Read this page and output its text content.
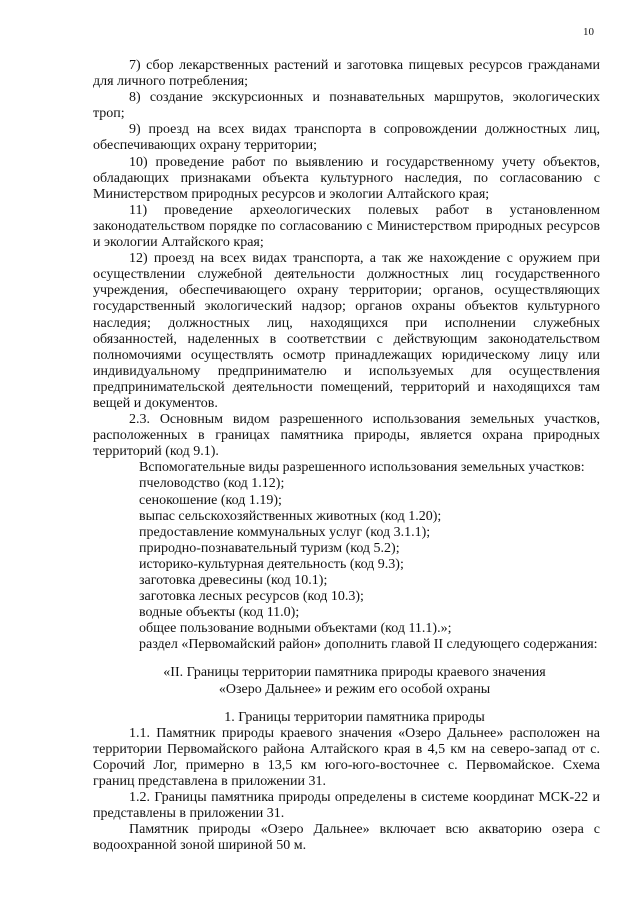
10

7) сбор лекарственных растений и заготовка пищевых ресурсов гражданами для личного потребления;

8) создание экскурсионных и познавательных маршрутов, экологических троп;

9) проезд на всех видах транспорта в сопровождении должностных лиц, обеспечивающих охрану территории;

10) проведение работ по выявлению и государственному учету объектов, обладающих признаками объекта культурного наследия, по согласованию с Министерством природных ресурсов и экологии Алтайского края;

11) проведение археологических полевых работ в установленном законодательством порядке по согласованию с Министерством природных ресурсов и экологии Алтайского края;

12) проезд на всех видах транспорта, а так же нахождение с оружием при осуществлении служебной деятельности должностных лиц государственного учреждения, обеспечивающего охрану территории; органов, осуществляющих государственный экологический надзор; органов охраны объектов культурного наследия; должностных лиц, находящихся при исполнении служебных обязанностей, наделенных в соответствии с действующим законодательством полномочиями осуществлять осмотр принадлежащих юридическому лицу или индивидуальному предпринимателю и используемых для осуществления предпринимательской деятельности помещений, территорий и находящихся там вещей и документов.

2.3. Основным видом разрешенного использования земельных участков, расположенных в границах памятника природы, является охрана природных территорий (код 9.1).

Вспомогательные виды разрешенного использования земельных участков:

пчеловодство (код 1.12);
сенокошение (код 1.19);
выпас сельскохозяйственных животных (код 1.20);
предоставление коммунальных услуг (код 3.1.1);
природно-познавательный туризм (код 5.2);
историко-культурная деятельность (код 9.3);
заготовка древесины (код 10.1);
заготовка лесных ресурсов (код 10.3);
водные объекты (код 11.0);
общее пользование водными объектами (код 11.1).»;
раздел «Первомайский район» дополнить главой II следующего содержания:

«II. Границы территории памятника природы краевого значения

«Озеро Дальнее» и режим его особой охраны

1. Границы территории памятника природы

1.1. Памятник природы краевого значения «Озеро Дальнее» расположен на территории Первомайского района Алтайского края в 4,5 км на северо-запад от с. Сорочий Лог, примерно в 13,5 км юго-юго-восточнее с. Первомайское. Схема границ представлена в приложении 31.

1.2. Границы памятника природы определены в системе координат МСК-22 и представлены в приложении 31.

Памятник природы «Озеро Дальнее» включает всю акваторию озера с водоохранной зоной шириной 50 м.
